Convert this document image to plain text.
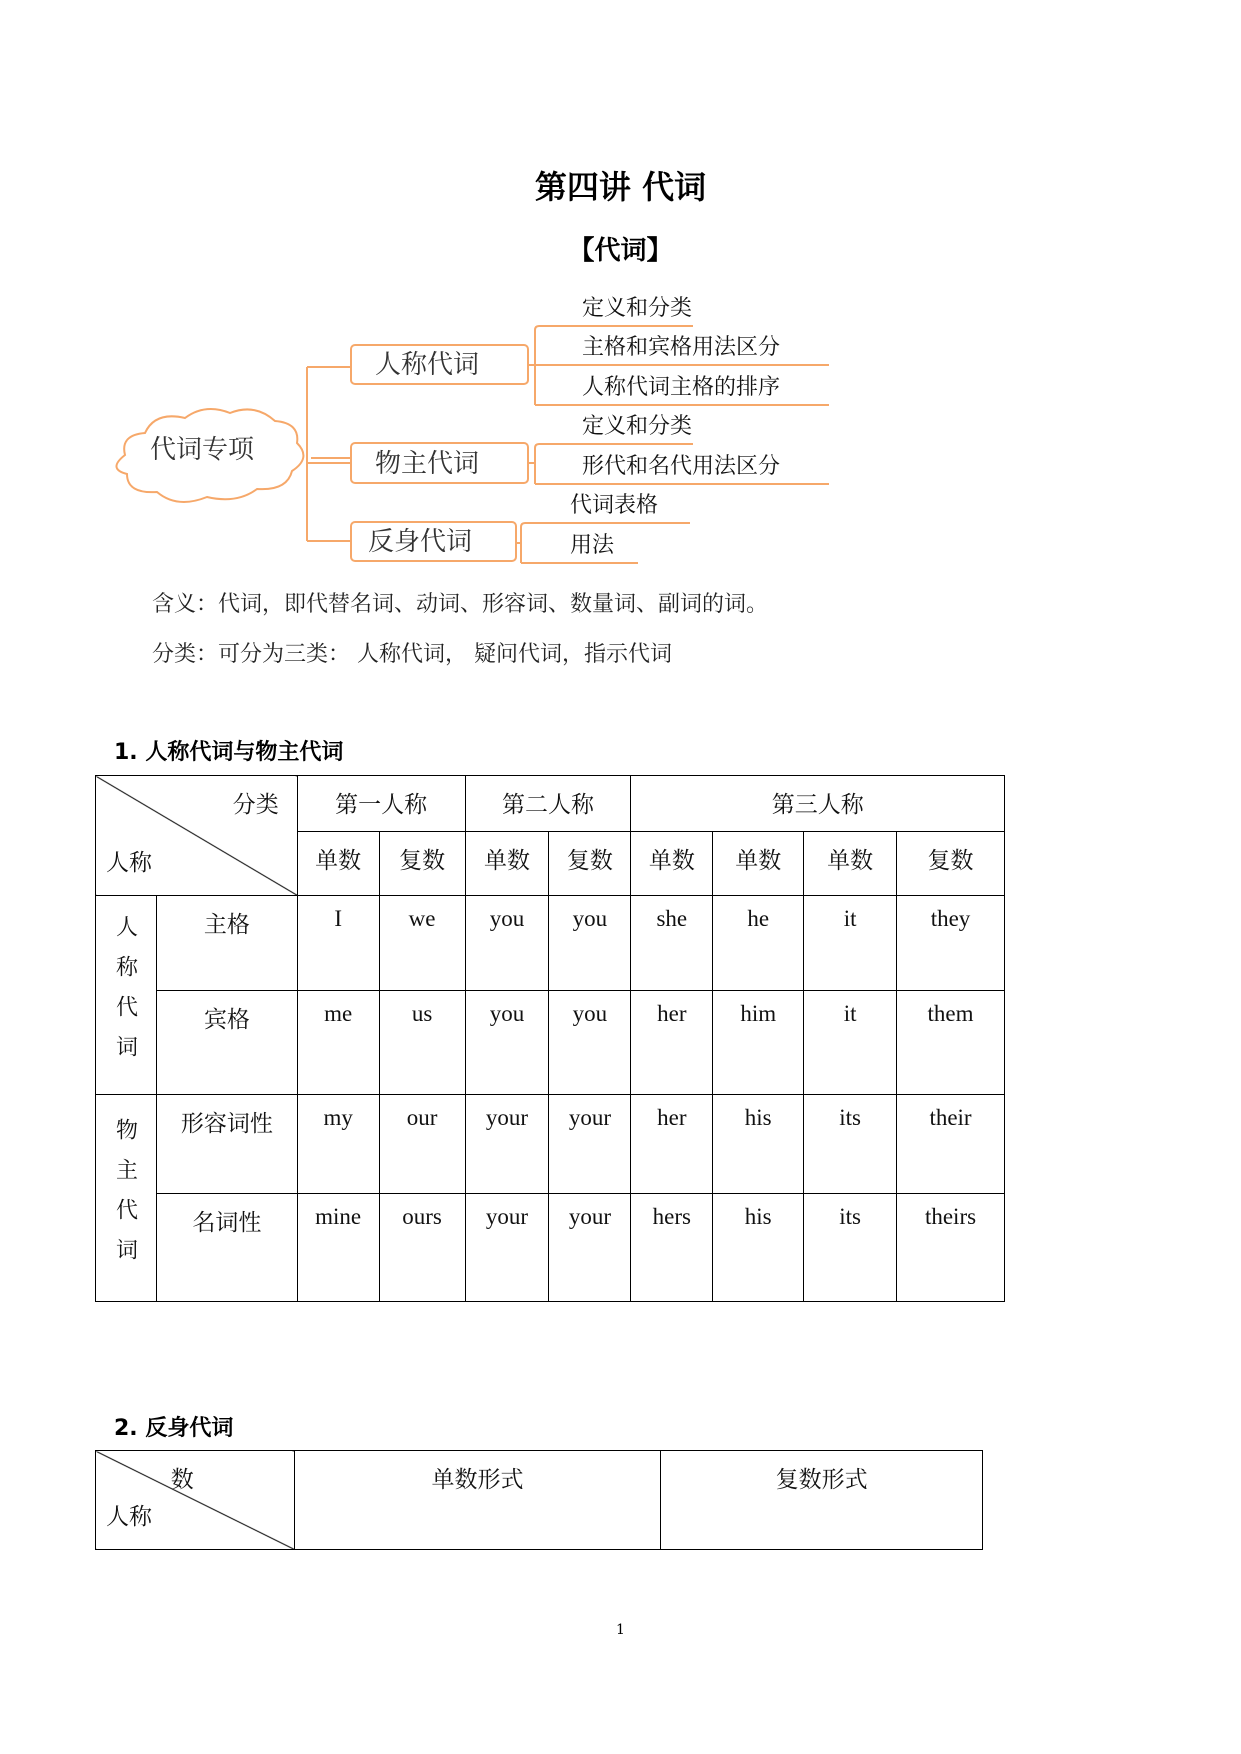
第四讲 代词
【代词】
代词专项
人称代词
物主代词
反身代词
定义和分类
主格和宾格用法区分
人称代词主格的排序
定义和分类
形代和名代用法区分
代词表格
用法
含义：代词，即代替名词、动词、形容词、数量词、副词的词。
分类：可分为三类： 人称代词， 疑问代词，指示代词
1. 人称代词与物主代词
分类
人称		第一人称		第二人称		第三人称			
		单数	复数	单数	复数	单数	单数	单数	复数
人称代词	主格	I	we	you	you	she	he	it	they
	宾格	me	us	you	you	her	him	it	them
物主代词	形容词性	my	our	your	your	her	his	its	their
	名词性	mine	ours	your	your	hers	his	its	theirs
2. 反身代词
数
人称
	单数形式	复数形式
1
